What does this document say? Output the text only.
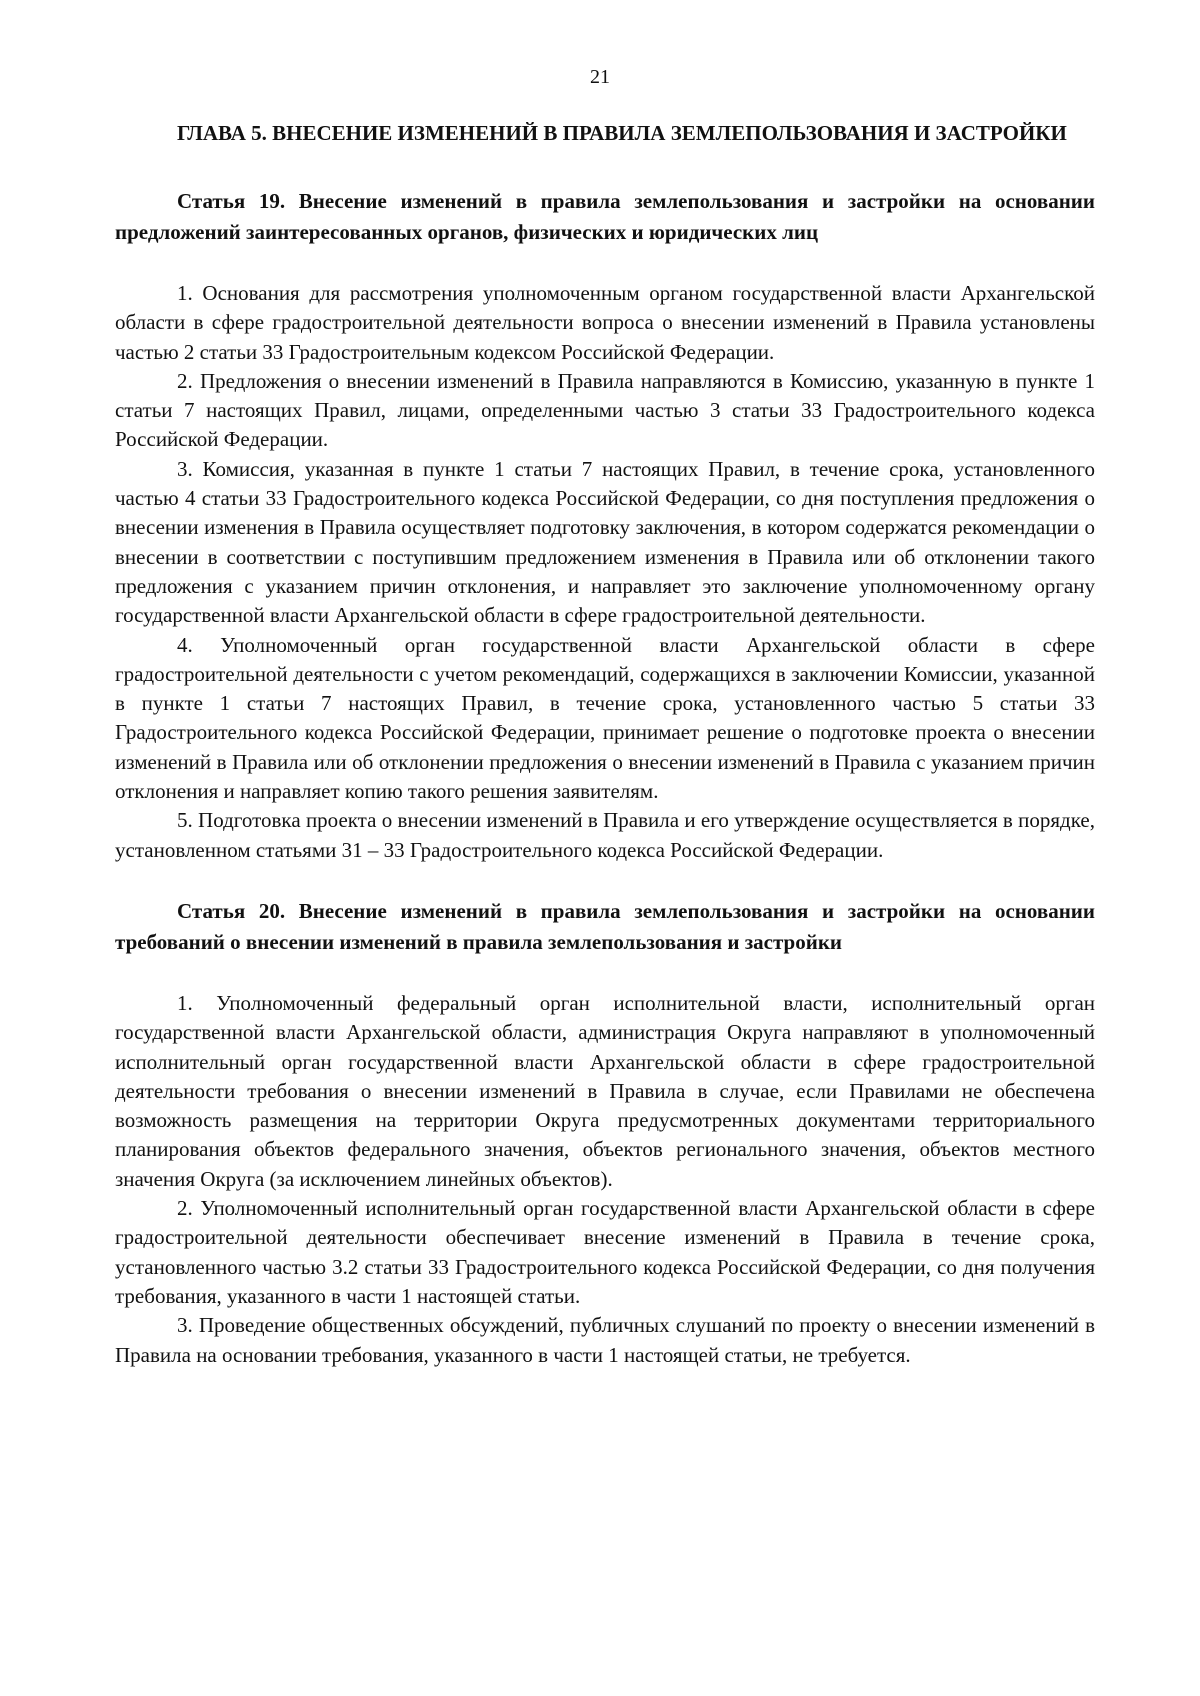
21

ГЛАВА 5. ВНЕСЕНИЕ ИЗМЕНЕНИЙ В ПРАВИЛА ЗЕМЛЕПОЛЬЗОВАНИЯ И ЗАСТРОЙКИ

Статья 19. Внесение изменений в правила землепользования и застройки на основании предложений заинтересованных органов, физических и юридических лиц

1. Основания для рассмотрения уполномоченным органом государственной власти Архангельской области в сфере градостроительной деятельности вопроса о внесении изменений в Правила установлены частью 2 статьи 33 Градостроительным кодексом Российской Федерации.

2. Предложения о внесении изменений в Правила направляются в Комиссию, указанную в пункте 1 статьи 7 настоящих Правил, лицами, определенными частью 3 статьи 33 Градостроительного кодекса Российской Федерации.

3. Комиссия, указанная в пункте 1 статьи 7 настоящих Правил, в течение срока, установленного частью 4 статьи 33 Градостроительного кодекса Российской Федерации, со дня поступления предложения о внесении изменения в Правила осуществляет подготовку заключения, в котором содержатся рекомендации о внесении в соответствии с поступившим предложением изменения в Правила или об отклонении такого предложения с указанием причин отклонения, и направляет это заключение уполномоченному органу государственной власти Архангельской области в сфере градостроительной деятельности.

4. Уполномоченный орган государственной власти Архангельской области в сфере градостроительной деятельности с учетом рекомендаций, содержащихся в заключении Комиссии, указанной в пункте 1 статьи 7 настоящих Правил, в течение срока, установленного частью 5 статьи 33 Градостроительного кодекса Российской Федерации, принимает решение о подготовке проекта о внесении изменений в Правила или об отклонении предложения о внесении изменений в Правила с указанием причин отклонения и направляет копию такого решения заявителям.

5. Подготовка проекта о внесении изменений в Правила и его утверждение осуществляется в порядке, установленном статьями 31 – 33 Градостроительного кодекса Российской Федерации.

Статья 20. Внесение изменений в правила землепользования и застройки на основании требований о внесении изменений в правила землепользования и застройки

1. Уполномоченный федеральный орган исполнительной власти, исполнительный орган государственной власти Архангельской области, администрация Округа направляют в уполномоченный исполнительный орган государственной власти Архангельской области в сфере градостроительной деятельности требования о внесении изменений в Правила в случае, если Правилами не обеспечена возможность размещения на территории Округа предусмотренных документами территориального планирования объектов федерального значения, объектов регионального значения, объектов местного значения Округа (за исключением линейных объектов).

2. Уполномоченный исполнительный орган государственной власти Архангельской области в сфере градостроительной деятельности обеспечивает внесение изменений в Правила в течение срока, установленного частью 3.2 статьи 33 Градостроительного кодекса Российской Федерации, со дня получения требования, указанного в части 1 настоящей статьи.

3. Проведение общественных обсуждений, публичных слушаний по проекту о внесении изменений в Правила на основании требования, указанного в части 1 настоящей статьи, не требуется.
